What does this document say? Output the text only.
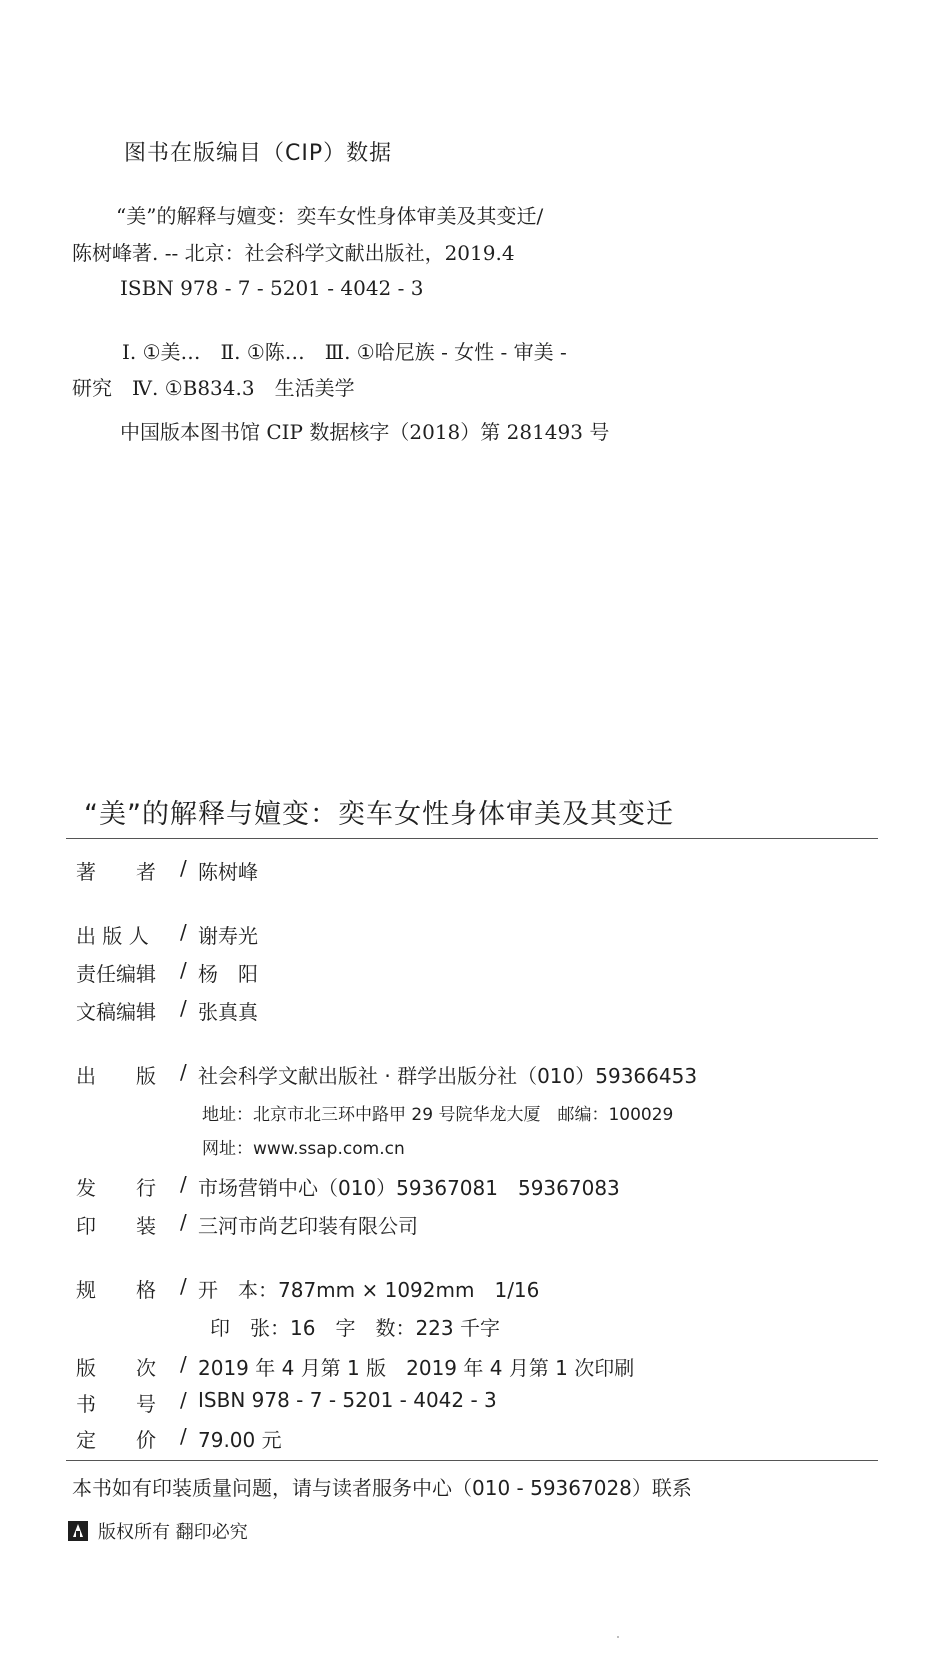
图书在版编目（CIP）数据
“美”的解释与嬗变：奕车女性身体审美及其变迁/
陈树峰著. -- 北京：社会科学文献出版社，2019.4
ISBN 978 - 7 - 5201 - 4042 - 3
Ⅰ. ①美…　Ⅱ. ①陈…　Ⅲ. ①哈尼族 - 女性 - 审美 -
研究　Ⅳ. ①B834.3　生活美学
中国版本图书馆 CIP 数据核字（2018）第 281493 号
“美”的解释与嬗变：奕车女性身体审美及其变迁
著　　者 / 陈树峰
出 版 人 / 谢寿光
责任编辑 / 杨　阳
文稿编辑 / 张真真
出　　版 / 社会科学文献出版社 · 群学出版分社（010）59366453
地址：北京市北三环中路甲 29 号院华龙大厦　邮编：100029
网址：www.ssap.com.cn
发　　行 / 市场营销中心（010）59367081　59367083
印　　装 / 三河市尚艺印装有限公司
规　　格 / 开　本：787mm × 1092mm　1/16
印　张：16　字　数：223 千字
版　　次 / 2019 年 4 月第 1 版　2019 年 4 月第 1 次印刷
书　　号 / ISBN 978 - 7 - 5201 - 4042 - 3
定　　价 / 79.00 元
本书如有印装质量问题，请与读者服务中心（010 - 59367028）联系
版权所有 翻印必究
